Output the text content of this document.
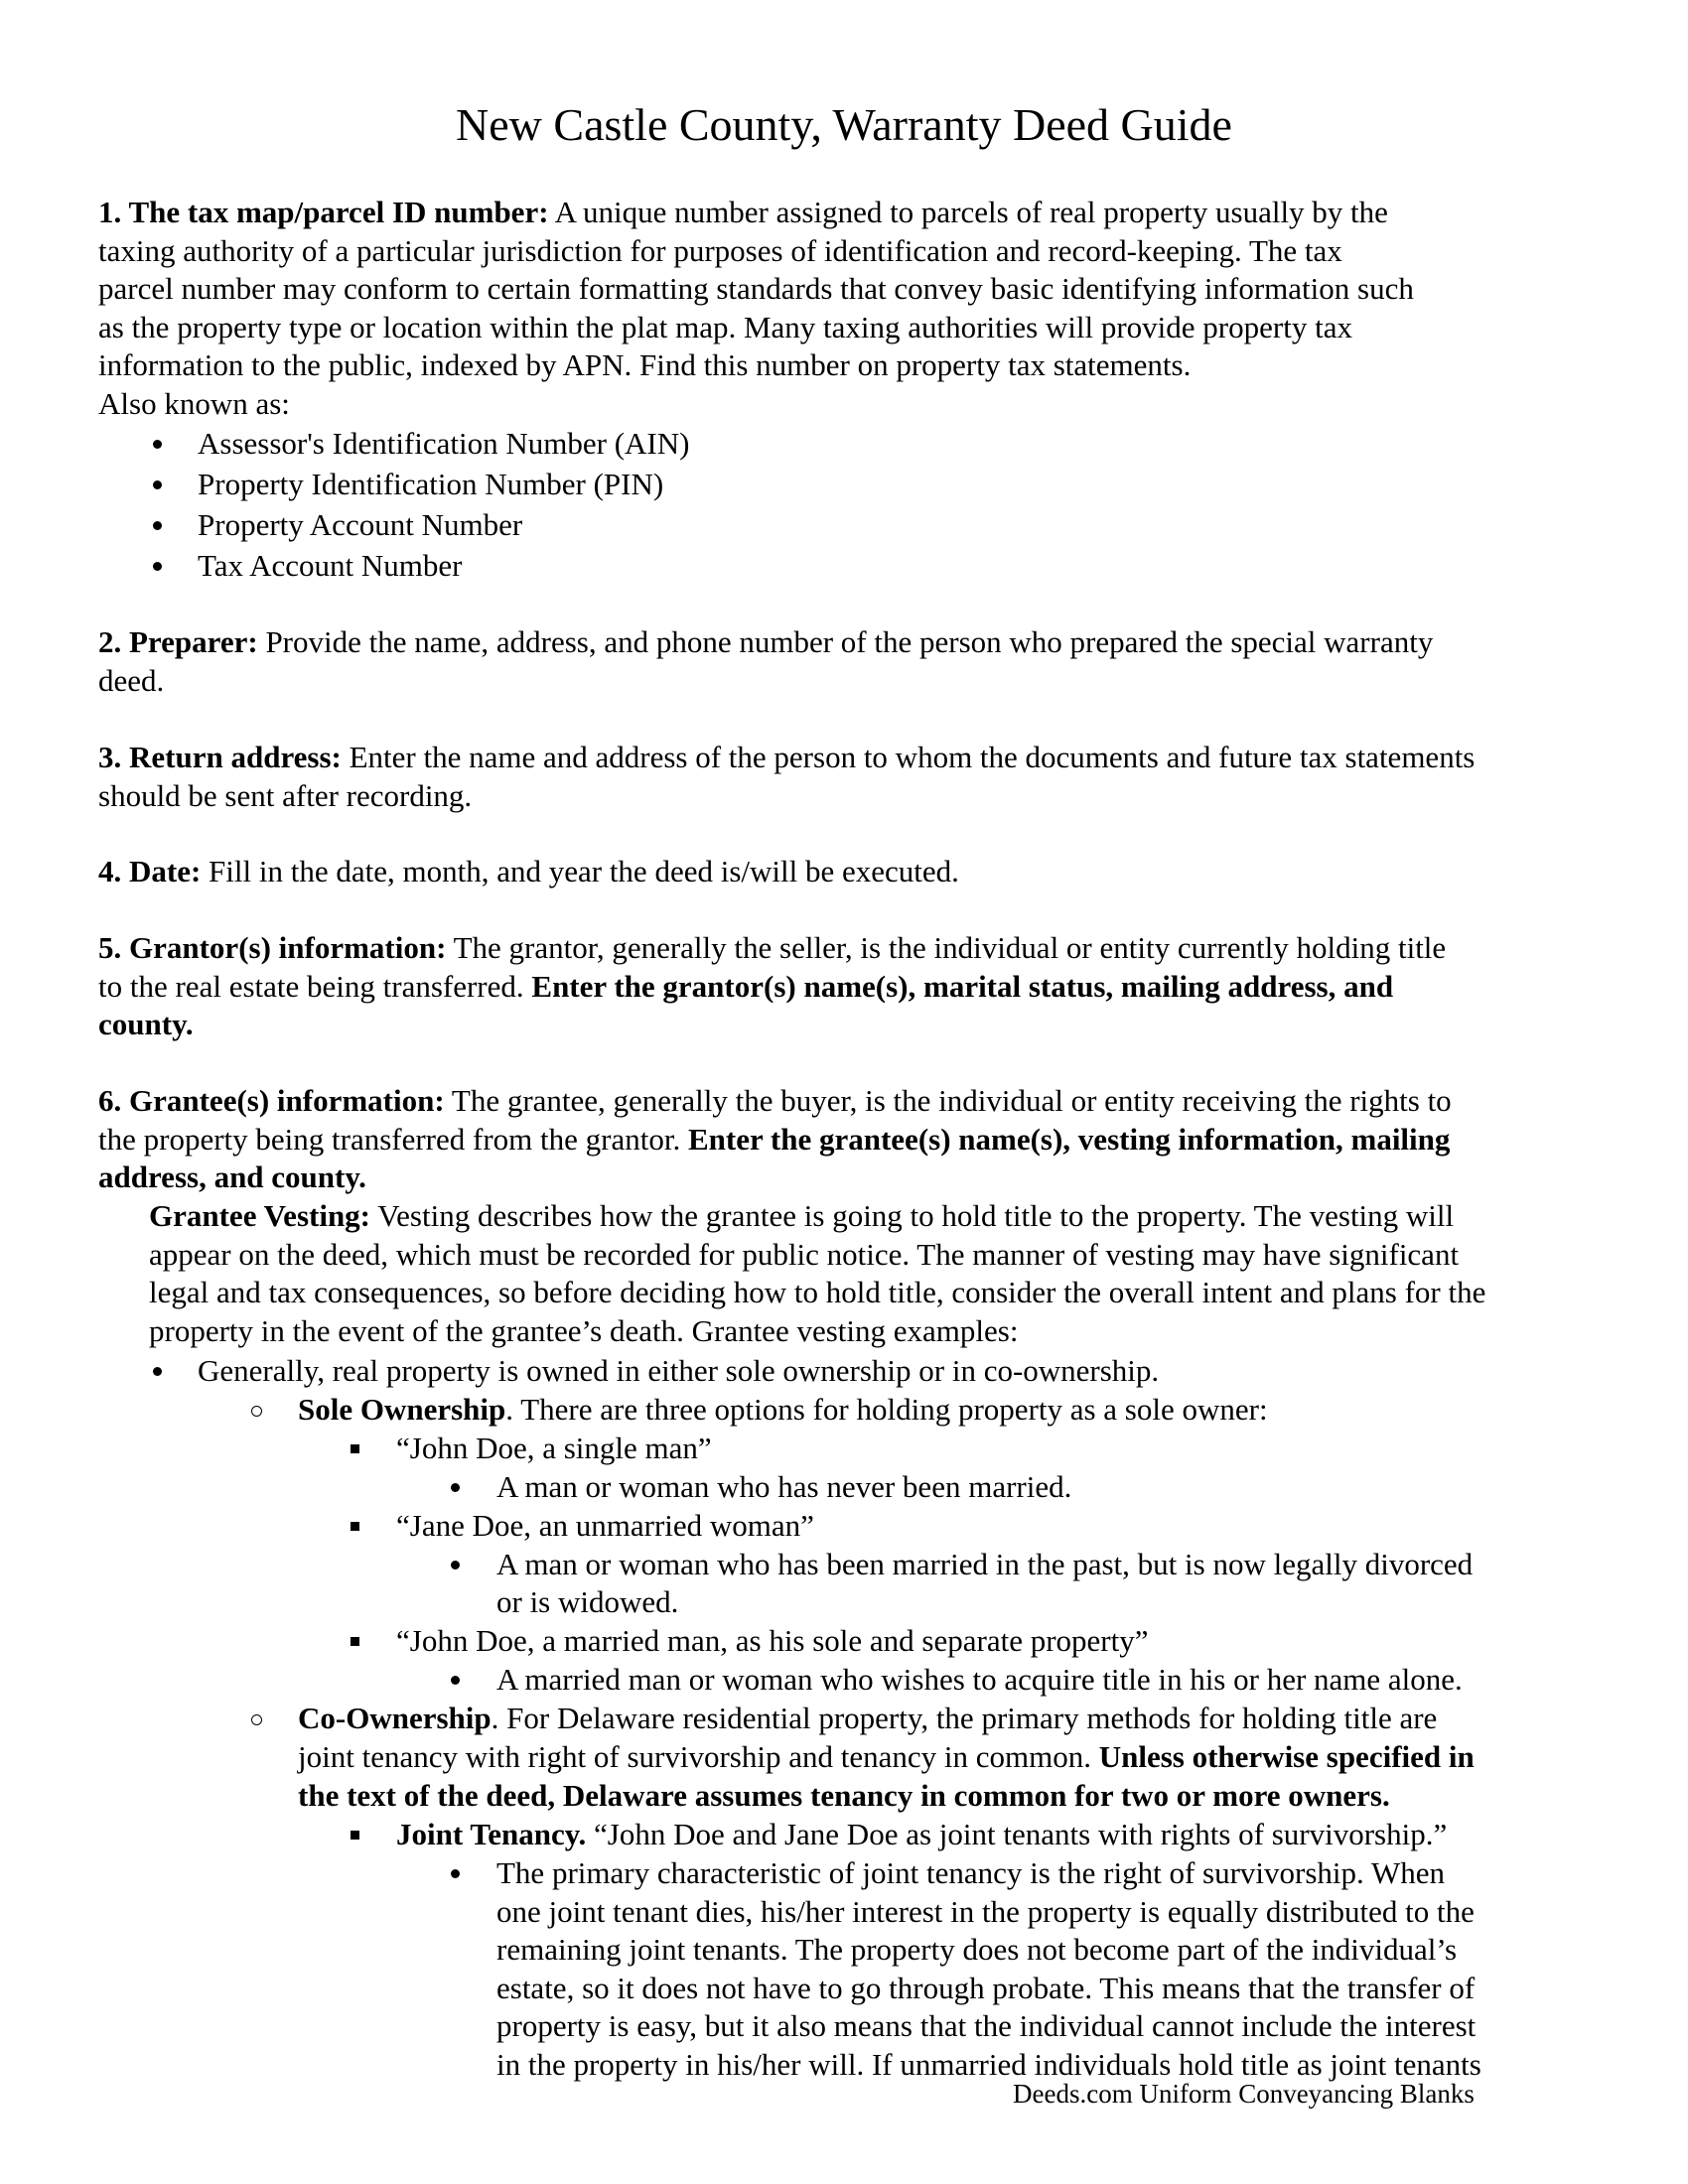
New Castle County, Warranty Deed Guide
1. The tax map/parcel ID number: A unique number assigned to parcels of real property usually by the
taxing authority of a particular jurisdiction for purposes of identification and record-keeping. The tax
parcel number may conform to certain formatting standards that convey basic identifying information such
as the property type or location within the plat map. Many taxing authorities will provide property tax
information to the public, indexed by APN. Find this number on property tax statements.
Also known as:
Assessor's Identification Number (AIN)
Property Identification Number (PIN)
Property Account Number
Tax Account Number
2. Preparer: Provide the name, address, and phone number of the person who prepared the special warranty
deed.
3. Return address: Enter the name and address of the person to whom the documents and future tax statements
should be sent after recording.
4. Date: Fill in the date, month, and year the deed is/will be executed.
5. Grantor(s) information: The grantor, generally the seller, is the individual or entity currently holding title
to the real estate being transferred. Enter the grantor(s) name(s), marital status, mailing address, and
county.
6. Grantee(s) information: The grantee, generally the buyer, is the individual or entity receiving the rights to
the property being transferred from the grantor. Enter the grantee(s) name(s), vesting information, mailing
address, and county.
Grantee Vesting: Vesting describes how the grantee is going to hold title to the property. The vesting will
appear on the deed, which must be recorded for public notice. The manner of vesting may have significant
legal and tax consequences, so before deciding how to hold title, consider the overall intent and plans for the
property in the event of the grantee’s death. Grantee vesting examples:
Generally, real property is owned in either sole ownership or in co-ownership.
Sole Ownership. There are three options for holding property as a sole owner:
“John Doe, a single man”
A man or woman who has never been married.
“Jane Doe, an unmarried woman”
A man or woman who has been married in the past, but is now legally divorced
or is widowed.
“John Doe, a married man, as his sole and separate property”
A married man or woman who wishes to acquire title in his or her name alone.
Co-Ownership. For Delaware residential property, the primary methods for holding title are
joint tenancy with right of survivorship and tenancy in common. Unless otherwise specified in
the text of the deed, Delaware assumes tenancy in common for two or more owners.
Joint Tenancy. “John Doe and Jane Doe as joint tenants with rights of survivorship.”
The primary characteristic of joint tenancy is the right of survivorship. When
one joint tenant dies, his/her interest in the property is equally distributed to the
remaining joint tenants. The property does not become part of the individual’s
estate, so it does not have to go through probate. This means that the transfer of
property is easy, but it also means that the individual cannot include the interest
in the property in his/her will. If unmarried individuals hold title as joint tenants
Deeds.com Uniform Conveyancing Blanks
